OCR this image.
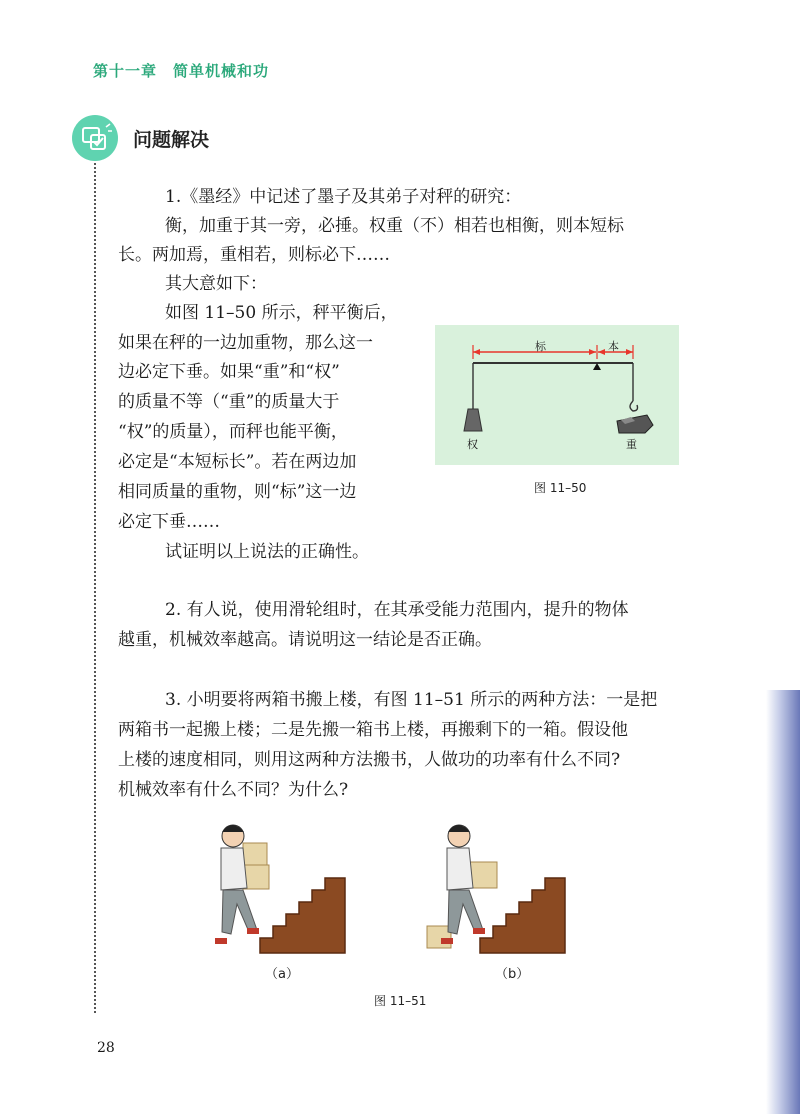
第十一章　简单机械和功
问题解决
1.《墨经》中记述了墨子及其弟子对秤的研究：
衡，加重于其一旁，必捶。权重（不）相若也相衡，则本短标
长。两加焉，重相若，则标必下……
其大意如下：
如图 11–50 所示，秤平衡后，
如果在秤的一边加重物，那么这一
边必定下垂。如果“重”和“权”
的质量不等（“重”的质量大于
“权”的质量），而秤也能平衡，
必定是“本短标长”。若在两边加
相同质量的重物，则“标”这一边
必定下垂……
试证明以上说法的正确性。
标	本
权	重
图 11–50
2. 有人说，使用滑轮组时，在其承受能力范围内，提升的物体
越重，机械效率越高。请说明这一结论是否正确。
3. 小明要将两箱书搬上楼，有图 11–51 所示的两种方法：一是把
两箱书一起搬上楼；二是先搬一箱书上楼，再搬剩下的一箱。假设他
上楼的速度相同，则用这两种方法搬书，人做功的功率有什么不同?
机械效率有什么不同？为什么?
（a）	（b）
图 11–51
28
